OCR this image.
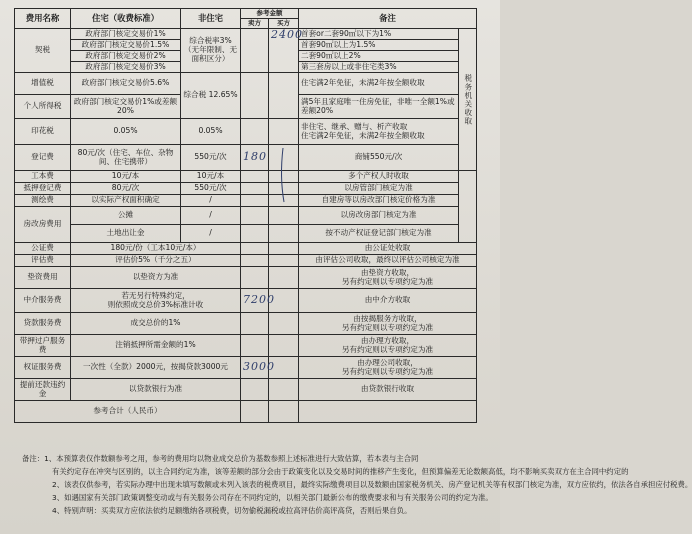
费用名称	住宅（收费标准）	非住宅	参考金额		备注		
			卖方	买方			
契税	政府部门核定交易价1%	综合税率3%（无年限制、无面积区分）		2400	首套or二套90㎡以下为1%	税务机关收取	
	政府部门核定交易价1.5%				首套90㎡以上为1.5%		
	政府部门核定交易价2%				二套90㎡以上2%		
	政府部门核定交易价3%				第三套房以上或非住宅类3%		
增值税	政府部门核定交易价5.6%	综合税 12.65%			住宅满2年免征，未满2年按全额收取		
个人所得税	政府部门核定交易价1%或差额20%				满5年且家庭唯一住房免征，非唯一全额1%或差额20%		
印花税	0.05%	0.05%			非住宅、继承、赠与、析产收取
住宅满2年免征，未满2年按全额收取		

登记费	80元/次（住宅、车位、杂物间、住宅携带）	550元/次	180		商铺550元/次	
工本费	10元/本	10元/本			多个产权人时收取		
抵押登记费	80元/次	550元/次			以房管部门核定为准		
测绘费	以实际产权面积确定	/			自建房等以房改部门核定价格为准		
房改房费用	公摊	/			以房改房部门核定为准		
	土地出让金	/			按不动产权证登记部门核定为准		
公证费	180元/份（工本10元/本）				由公证处收取		
评估费	评估价5%（千分之五）				由评估公司收取，最终以评估公司核定为准		
垫资费用	以垫资方为准				由垫资方收取，
另有约定则以专项约定为准		

中介服务费	若无另行特殊约定，
则依照成交总价3%标准计收		7200		由中介方收取		
贷款服务费	成交总价的1%				由按揭服务方收取，
另有约定则以专项约定为准		

带押过户服务费	注销抵押所需金额的1%				由办理方收取，
另有约定则以专项约定为准		

权证服务费	一次性（全款）2000元，按揭贷款3000元		3000		由办理公司收取，
另有约定则以专项约定为准		

提前还款违约金	以贷款银行为准				由贷款银行收取		
参考合计（人民币）							
备注：1、本预算表仅作数额参考之用，参考的费用均以物业成交总价为基数参照上述标准进行大致估算，若本表与主合同
有关约定存在冲突与区别的，以主合同约定为准，该等差额的部分会由于政策变化以及交易时间的推移产生变化，但预算偏差无论数额高低，均不影响买卖双方在主合同中约定的
2、该表仅供参考，若实际办理中出现未填写数额或未列入该表的税费项目，最终实际缴费项目以及数额由国家税务机关、房产登记机关等有权部门核定为准，双方应依约，依法各自承担应付税费。
3、如遇国家有关部门政策调整变动或与有关服务公司存在不同约定的，以相关部门最新公布的缴费要求和与有关服务公司的约定为准。
4、特别声明：买卖双方应依法依约足额缴纳各项税费，切勿偷税漏税或拉高评估价高评高贷，否则后果自负。
